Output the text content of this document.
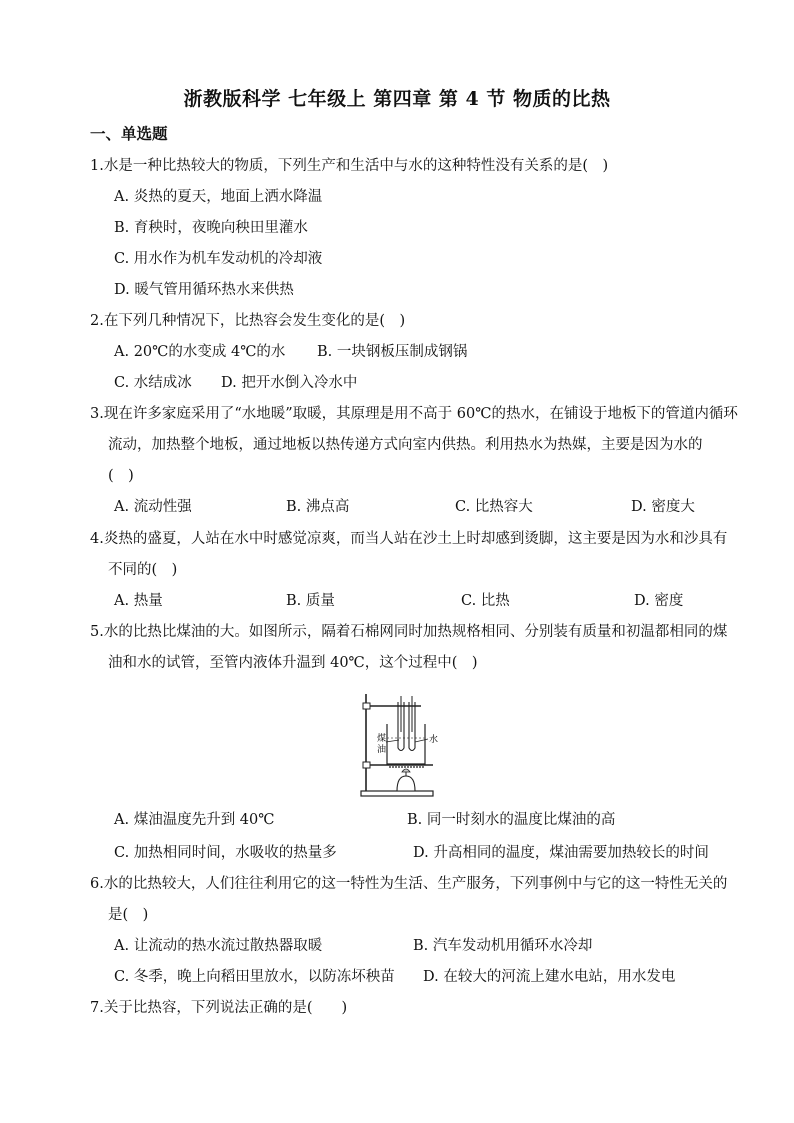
浙教版科学 七年级上 第四章 第 4 节 物质的比热
一、单选题
1.水是一种比热较大的物质，下列生产和生活中与水的这种特性没有关系的是(　)
A. 炎热的夏天，地面上洒水降温
B. 育秧时，夜晚向秧田里灌水
C. 用水作为机车发动机的冷却液
D. 暖气管用循环热水来供热
2.在下列几种情况下，比热容会发生变化的是(　)
A. 20℃的水变成 4℃的水 B. 一块钢板压制成钢锅
C. 水结成冰 D. 把开水倒入冷水中
3.现在许多家庭采用了“水地暖”取暖，其原理是用不高于 60℃的热水，在铺设于地板下的管道内循环
流动，加热整个地板，通过地板以热传递方式向室内供热。利用热水为热媒，主要是因为水的
(　)
A. 流动性强	B. 沸点高	C. 比热容大	D. 密度大
4.炎热的盛夏，人站在水中时感觉凉爽，而当人站在沙土上时却感到烫脚，这主要是因为水和沙具有
不同的(　)
A. 热量	B. 质量	C. 比热	D. 密度
5.水的比热比煤油的大。如图所示，隔着石棉网同时加热规格相同、分别装有质量和初温都相同的煤
油和水的试管，至管内液体升温到 40℃，这个过程中(　)
煤
油
水
A. 煤油温度先升到 40℃	B. 同一时刻水的温度比煤油的高
C. 加热相同时间，水吸收的热量多	D. 升高相同的温度，煤油需要加热较长的时间
6.水的比热较大，人们往往利用它的这一特性为生活、生产服务，下列事例中与它的这一特性无关的
是(　)
A. 让流动的热水流过散热器取暖	B. 汽车发动机用循环水冷却
C. 冬季，晚上向稻田里放水，以防冻坏秧苗 D. 在较大的河流上建水电站，用水发电
7.关于比热容，下列说法正确的是(　　)
